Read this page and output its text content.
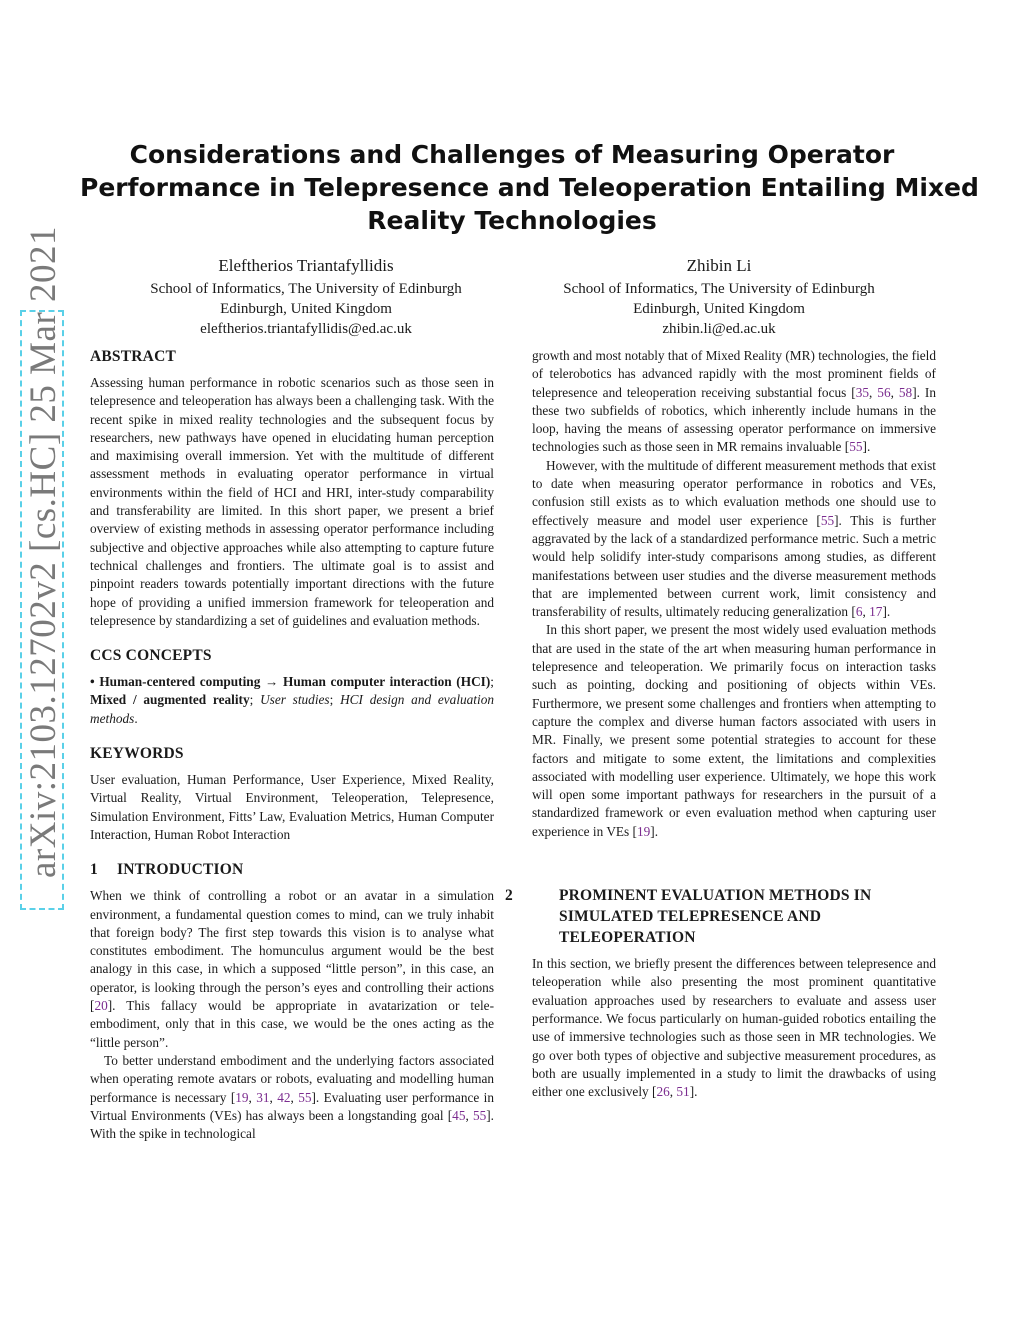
arXiv:2103.12702v2 [cs.HC] 25 Mar 2021
Considerations and Challenges of Measuring Operator
Performance in Telepresence and Teleoperation Entailing Mixed
Reality Technologies
Eleftherios Triantafyllidis
School of Informatics, The University of Edinburgh
Edinburgh, United Kingdom
eleftherios.triantafyllidis@ed.ac.uk
Zhibin Li
School of Informatics, The University of Edinburgh
Edinburgh, United Kingdom
zhibin.li@ed.ac.uk
ABSTRACT

Assessing human performance in robotic scenarios such as those seen in telepresence and teleoperation has always been a challenging task. With the recent spike in mixed reality technologies and the subsequent focus by researchers, new pathways have opened in elucidating human perception and maximising overall immersion. Yet with the multitude of different assessment methods in evaluating operator performance in virtual environments within the field of HCI and HRI, inter-study comparability and transferability are limited. In this short paper, we present a brief overview of existing methods in assessing operator performance including subjective and objective approaches while also attempting to capture future technical challenges and frontiers. The ultimate goal is to assist and pinpoint readers towards potentially important directions with the future hope of providing a unified immersion framework for teleoperation and telepresence by standardizing a set of guidelines and evaluation methods.

CCS CONCEPTS

• Human-centered computing → Human computer interaction (HCI); Mixed / augmented reality; User studies; HCI design and evaluation methods.

KEYWORDS

User evaluation, Human Performance, User Experience, Mixed Reality, Virtual Reality, Virtual Environment, Teleoperation, Telepresence, Simulation Environment, Fitts’ Law, Evaluation Metrics, Human Computer Interaction, Human Robot Interaction

1 INTRODUCTION

When we think of controlling a robot or an avatar in a simulation environment, a fundamental question comes to mind, can we truly inhabit that foreign body? The first step towards this vision is to analyse what constitutes embodiment. The homunculus argument would be the best analogy in this case, in which a supposed “little person”, in this case, an operator, is looking through the person’s eyes and controlling their actions [20]. This fallacy would be appropriate in avatarization or tele-embodiment, only that in this case, we would be the ones acting as the “little person”.

To better understand embodiment and the underlying factors associated when operating remote avatars or robots, evaluating and modelling human performance is necessary [19, 31, 42, 55]. Evaluating user performance in Virtual Environments (VEs) has always been a longstanding goal [45, 55]. With the spike in technological

growth and most notably that of Mixed Reality (MR) technologies, the field of telerobotics has advanced rapidly with the most prominent fields of telepresence and teleoperation receiving substantial focus [35, 56, 58]. In these two subfields of robotics, which inherently include humans in the loop, having the means of assessing operator performance on immersive technologies such as those seen in MR remains invaluable [55].

However, with the multitude of different measurement methods that exist to date when measuring operator performance in robotics and VEs, confusion still exists as to which evaluation methods one should use to effectively measure and model user experience [55]. This is further aggravated by the lack of a standardized performance metric. Such a metric would help solidify inter-study comparisons among studies, as different manifestations between user studies and the diverse measurement methods that are implemented between current work, limit consistency and transferability of results, ultimately reducing generalization [6, 17].

In this short paper, we present the most widely used evaluation methods that are used in the state of the art when measuring human performance in telepresence and teleoperation. We primarily focus on interaction tasks such as pointing, docking and positioning of objects within VEs. Furthermore, we present some challenges and frontiers when attempting to capture the complex and diverse human factors associated with users in MR. Finally, we present some potential strategies to account for these factors and mitigate to some extent, the limitations and complexities associated with modelling user experience. Ultimately, we hope this work will open some important pathways for researchers in the pursuit of a standardized framework or even evaluation method when capturing user experience in VEs [19].

2	PROMINENT EVALUATION METHODS IN SIMULATED TELEPRESENCE AND TELEOPERATION

In this section, we briefly present the differences between telepresence and teleoperation while also presenting the most prominent quantitative evaluation approaches used by researchers to evaluate and assess user performance. We focus particularly on human-guided robotics entailing the use of immersive technologies such as those seen in MR technologies. We go over both types of objective and subjective measurement procedures, as both are usually implemented in a study to limit the drawbacks of using either one exclusively [26, 51].
